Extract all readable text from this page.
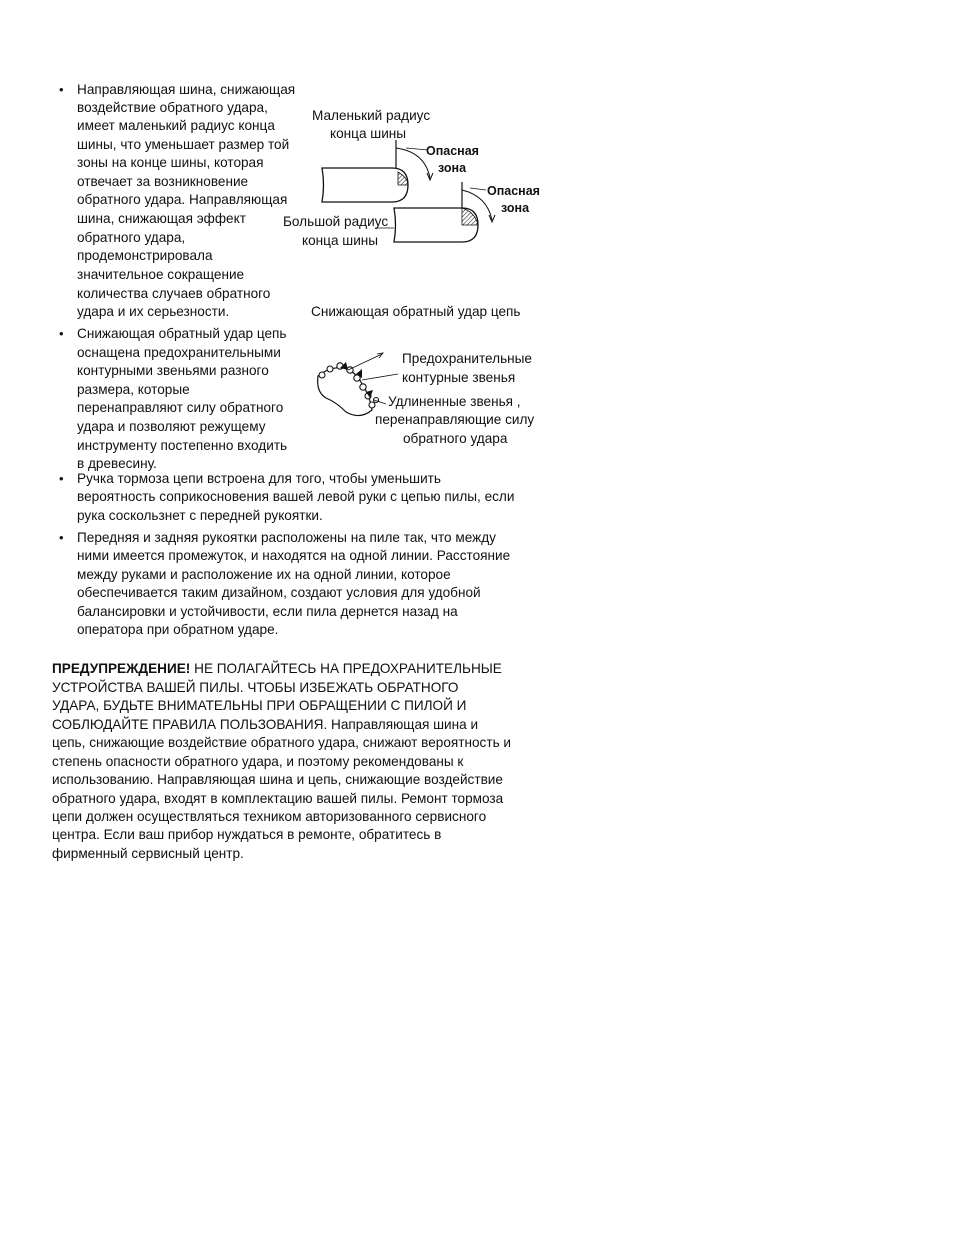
• Направляющая шина, снижающая
воздействие обратного удара,
имеет маленький радиус конца
шины, что уменьшает размер той
зоны на конце шины, которая
отвечает за возникновение
обратного удара. Направляющая
шина, снижающая эффект
обратного удара,
продемонстрировала
значительное сокращение
количества случаев обратного
удара и их серьезности.
• Снижающая обратный удар цепь
оснащена предохранительными
контурными звеньями разного
размера, которые
перенаправляют силу обратного
удара и позволяют режущему
инструменту постепенно входить
в древесину.
• Ручка тормоза цепи встроена для того, чтобы уменьшить
вероятность соприкосновения вашей левой руки с цепью пилы, если
рука соскользнет с передней рукоятки.
• Передняя и задняя рукоятки расположены на пиле так, что между
ними имеется промежуток, и находятся на одной линии. Расстояние
между руками и расположение их на одной линии, которое
обеспечивается таким дизайном, создают условия для удобной
балансировки и устойчивости, если пила дернется назад на
оператора при обратном ударе.
Маленький радиус
конца шины
Опасная
зона
Опасная
зона
Большой радиус
конца шины
Снижающая обратный удар цепь
Предохранительные
контурные звенья
Удлиненные звенья ,
перенаправляющие силу
обратного удара
ПРЕДУПРЕЖДЕНИЕ! НЕ ПОЛАГАЙТЕСЬ НА ПРЕДОХРАНИТЕЛЬНЫЕ
УСТРОЙСТВА ВАШЕЙ ПИЛЫ. ЧТОБЫ ИЗБЕЖАТЬ ОБРАТНОГО
УДАРА, БУДЬТЕ ВНИМАТЕЛЬНЫ ПРИ ОБРАЩЕНИИ С ПИЛОЙ И
СОБЛЮДАЙТЕ ПРАВИЛА ПОЛЬЗОВАНИЯ. Направляющая шина и
цепь, снижающие воздействие обратного удара, снижают вероятность и
степень опасности обратного удара, и поэтому рекомендованы к
использованию. Направляющая шина и цепь, снижающие воздействие
обратного удара, входят в комплектацию вашей пилы. Ремонт тормоза
цепи должен осуществляться техником авторизованного сервисного
центра. Если ваш прибор нуждаться в ремонте, обратитесь в
фирменный сервисный центр.
